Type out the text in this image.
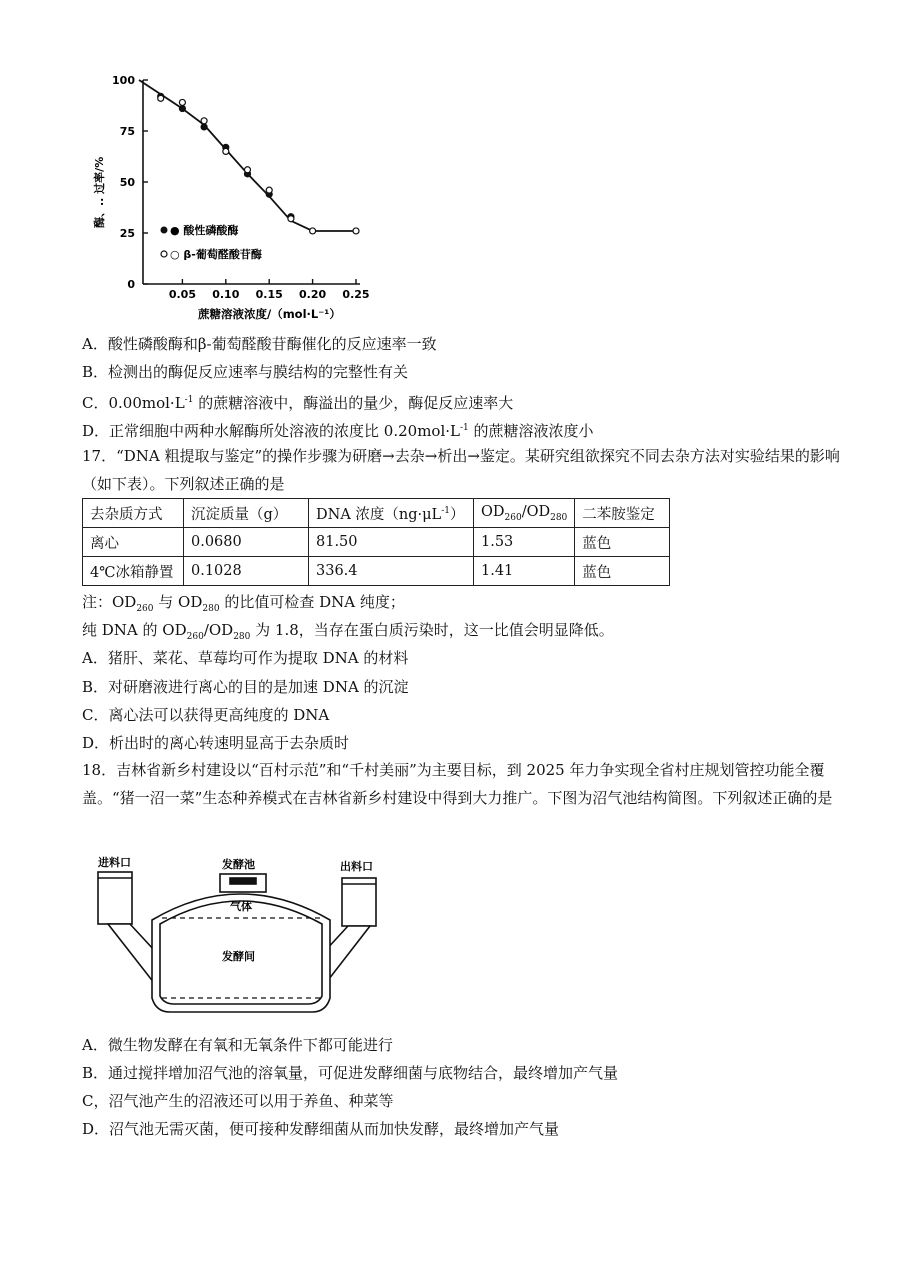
0.05 0.10 0.15 0.20 0.25
0
25
50
75
100
酶、.. 过率/%
蔗糖溶液浓度/（mol·L⁻¹）
● 酸性磷酸酶
○ β-葡萄醛酸苷酶
A．酸性磷酸酶和β-葡萄醛酸苷酶催化的反应速率一致
B．检测出的酶促反应速率与膜结构的完整性有关
C．$0.00mol\cdot L^{-1}$ 的蔗糖溶液中，酶溢出的量少，酶促反应速率大
D．正常细胞中两种水解酶所处溶液的浓度比 $0.20mol\cdot L^{-1}$ 的蔗糖溶液浓度小
17．“DNA 粗提取与鉴定”的操作步骤为研磨→去杂→析出→鉴定。某研究组欲探究不同去杂方法对实验结果的影响（如下表）。下列叙述正确的是
去杂质方式	沉淀质量（g）	DNA 浓度$(ng\cdot\mu L^{-1})$	$OD_{260}/OD_{280}$	二苯胺鉴定
离心	0.0680	81.50	1.53	蓝色
4℃冰箱静置	0.1028	336.4	1.41	蓝色
注：$OD_{260}$ 与 $OD_{280}$ 的比值可检查 DNA 纯度；
纯 DNA 的 $OD_{260}/OD_{280}$ 为 1.8，当存在蛋白质污染时，这一比值会明显降低。
A．猪肝、菜花、草莓均可作为提取 DNA 的材料
B．对研磨液进行离心的目的是加速 DNA 的沉淀
C．离心法可以获得更高纯度的 DNA
D．析出时的离心转速明显高于去杂质时
18．吉林省新乡村建设以“百村示范”和“千村美丽”为主要目标，到 2025 年力争实现全省村庄规划管控功能全覆盖。“猪一沼一菜”生态种养模式在吉林省新乡村建设中得到大力推广。下图为沼气池结构简图。下列叙述正确的是
进料口	发酵池	出料口
气体
发酵间
A．微生物发酵在有氧和无氧条件下都可能进行
B．通过搅拌增加沼气池的溶氧量，可促进发酵细菌与底物结合，最终增加产气量
C，沼气池产生的沼液还可以用于养鱼、种菜等
D．沼气池无需灭菌，便可接种发酵细菌从而加快发酵，最终增加产气量
